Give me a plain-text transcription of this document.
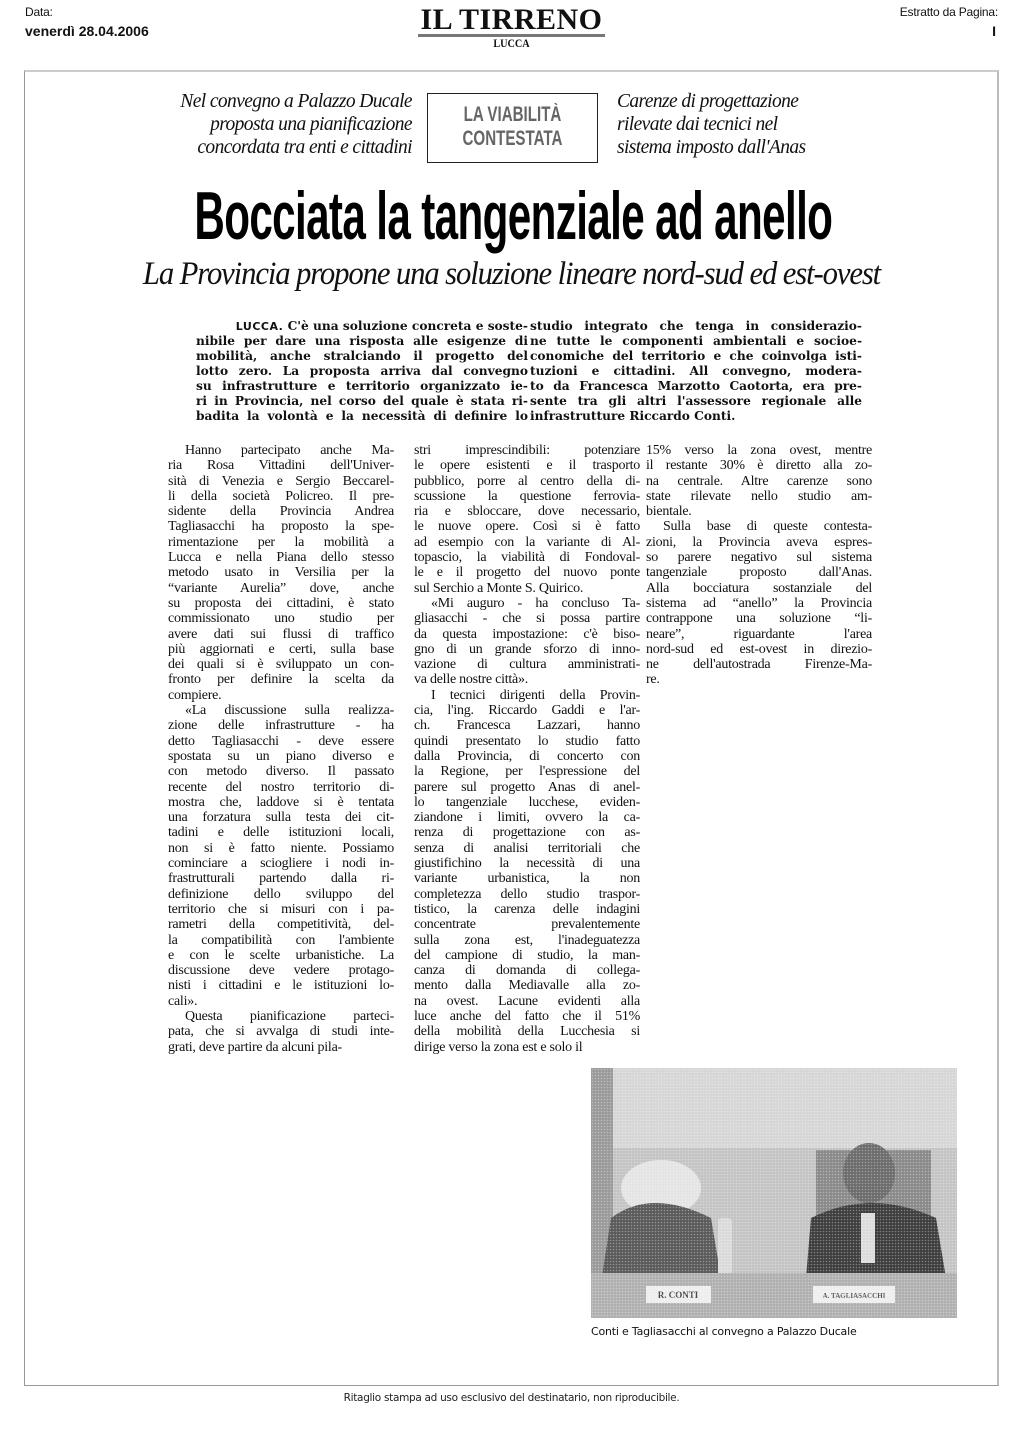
Data:
venerdì 28.04.2006
Estratto da Pagina:
I
IL TIRRENO
LUCCA
Nel convegno a Palazzo Ducale
proposta una pianificazione
concordata tra enti e cittadini
LA VIABILITÀ
CONTESTATA
Carenze di progettazione
rilevate dai tecnici nel
sistema imposto dall'Anas
Bocciata la tangenziale ad anello
La Provincia propone una soluzione lineare nord-sud ed est-ovest
LUCCA. C'è una soluzione concreta e soste-
nibile per dare una risposta alle esigenze di
mobilità, anche stralciando il progetto del
lotto zero. La proposta arriva dal convegno
su infrastrutture e territorio organizzato ie-
ri in Provincia, nel corso del quale è stata ri-
badita la volontà e la necessità di definire lo
studio integrato che tenga in considerazio-
ne tutte le componenti ambientali e socioe-
conomiche del territorio e che coinvolga isti-
tuzioni e cittadini. All convegno, modera-
to da Francesca Marzotto Caotorta, era pre-
sente tra gli altri l'assessore regionale alle
infrastrutture Riccardo Conti.
Hanno partecipato anche Ma-
ria Rosa Vittadini dell'Univer-
sità di Venezia e Sergio Beccarel-
li della società Policreo. Il pre-
sidente della Provincia Andrea
Tagliasacchi ha proposto la spe-
rimentazione per la mobilità a
Lucca e nella Piana dello stesso
metodo usato in Versilia per la
“variante Aurelia” dove, anche
su proposta dei cittadini, è stato
commissionato uno studio per
avere dati sui flussi di traffico
più aggiornati e certi, sulla base
dei quali si è sviluppato un con-
fronto per definire la scelta da
compiere.
«La discussione sulla realizza-
zione delle infrastrutture - ha
detto Tagliasacchi - deve essere
spostata su un piano diverso e
con metodo diverso. Il passato
recente del nostro territorio di-
mostra che, laddove si è tentata
una forzatura sulla testa dei cit-
tadini e delle istituzioni locali,
non si è fatto niente. Possiamo
cominciare a sciogliere i nodi in-
frastrutturali partendo dalla ri-
definizione dello sviluppo del
territorio che si misuri con i pa-
rametri della competitività, del-
la compatibilità con l'ambiente
e con le scelte urbanistiche. La
discussione deve vedere protago-
nisti i cittadini e le istituzioni lo-
cali».
Questa pianificazione parteci-
pata, che si avvalga di studi inte-
grati, deve partire da alcuni pila-
stri imprescindibili: potenziare
le opere esistenti e il trasporto
pubblico, porre al centro della di-
scussione la questione ferrovia-
ria e sbloccare, dove necessario,
le nuove opere. Così si è fatto
ad esempio con la variante di Al-
topascio, la viabilità di Fondoval-
le e il progetto del nuovo ponte
sul Serchio a Monte S. Quirico.
«Mi auguro - ha concluso Ta-
gliasacchi - che si possa partire
da questa impostazione: c'è biso-
gno di un grande sforzo di inno-
vazione di cultura amministrati-
va delle nostre città».
I tecnici dirigenti della Provin-
cia, l'ing. Riccardo Gaddi e l'ar-
ch. Francesca Lazzari, hanno
quindi presentato lo studio fatto
dalla Provincia, di concerto con
la Regione, per l'espressione del
parere sul progetto Anas di anel-
lo tangenziale lucchese, eviden-
ziandone i limiti, ovvero la ca-
renza di progettazione con as-
senza di analisi territoriali che
giustifichino la necessità di una
variante urbanistica, la non
completezza dello studio traspor-
tistico, la carenza delle indagini
concentrate prevalentemente
sulla zona est, l'inadeguatezza
del campione di studio, la man-
canza di domanda di collega-
mento dalla Mediavalle alla zo-
na ovest. Lacune evidenti alla
luce anche del fatto che il 51%
della mobilità della Lucchesia si
dirige verso la zona est e solo il
15% verso la zona ovest, mentre
il restante 30% è diretto alla zo-
na centrale. Altre carenze sono
state rilevate nello studio am-
bientale.
Sulla base di queste contesta-
zioni, la Provincia aveva espres-
so parere negativo sul sistema
tangenziale proposto dall'Anas.
Alla bocciatura sostanziale del
sistema ad “anello” la Provincia
contrappone una soluzione “li-
neare”, riguardante l'area
nord-sud ed est-ovest in direzio-
ne dell'autostrada Firenze-Ma-
re.
Conti e Tagliasacchi al convegno a Palazzo Ducale
Ritaglio stampa ad uso esclusivo del destinatario, non riproducibile.
